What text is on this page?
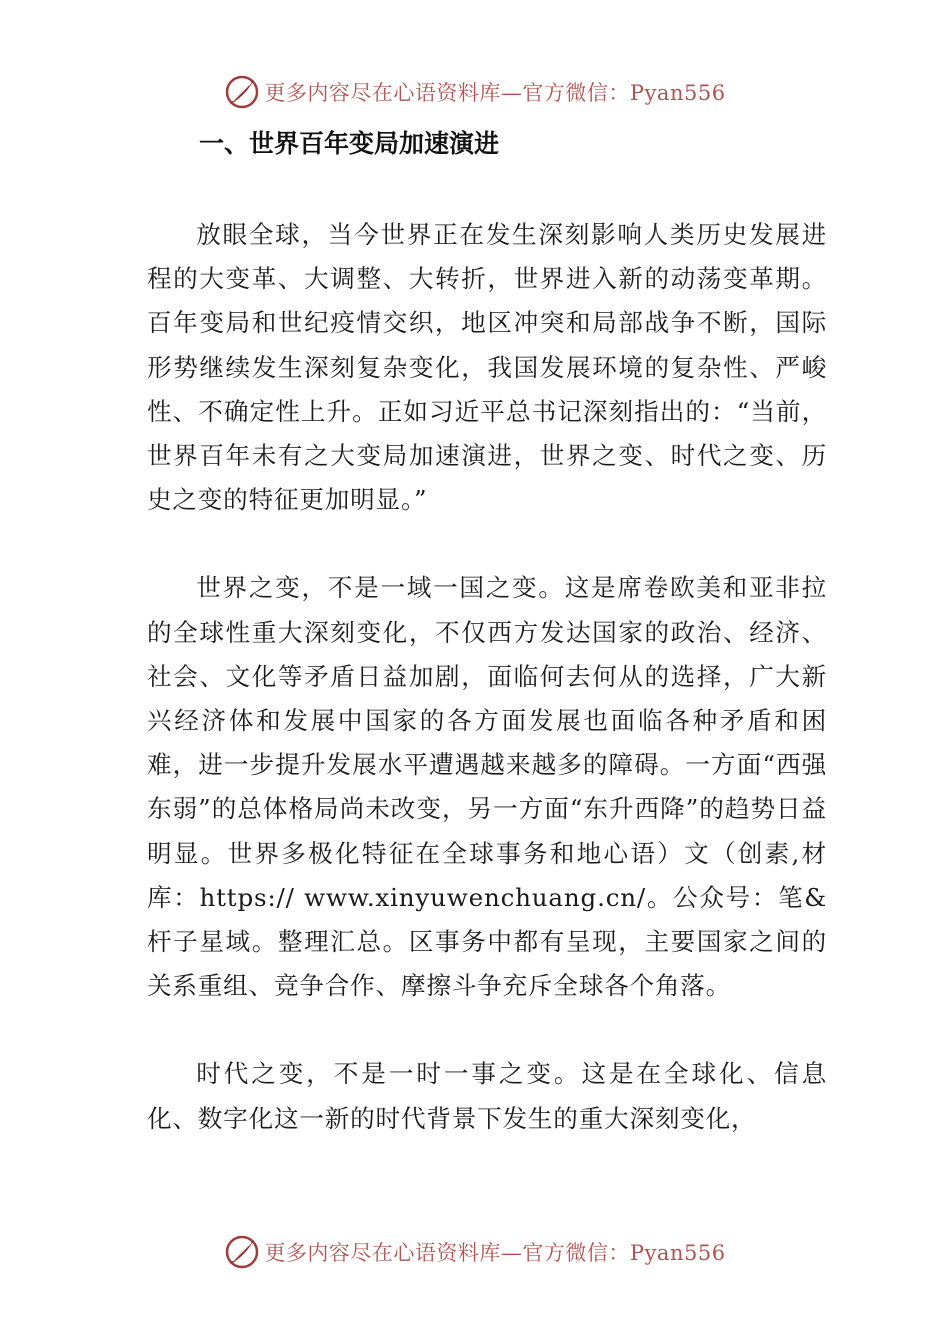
更多内容尽在心语资料库—官方微信：Pyan556
一、世界百年变局加速演进

放眼全球，当今世界正在发生深刻影响人类历史发展进程的大变革、大调整、大转折，世界进入新的动荡变革期。百年变局和世纪疫情交织，地区冲突和局部战争不断，国际形势继续发生深刻复杂变化，我国发展环境的复杂性、严峻性、不确定性上升。正如习近平总书记深刻指出的：“当前，世界百年未有之大变局加速演进，世界之变、时代之变、历史之变的特征更加明显。”

世界之变，不是一域一国之变。这是席卷欧美和亚非拉的全球性重大深刻变化，不仅西方发达国家的政治、经济、社会、文化等矛盾日益加剧，面临何去何从的选择，广大新兴经济体和发展中国家的各方面发展也面临各种矛盾和困难，进一步提升发展水平遭遇越来越多的障碍。一方面“西强东弱”的总体格局尚未改变，另一方面“东升西降”的趋势日益明显。世界多极化特征在全球事务和地心语）文（创素,材库：https:// www.xinyuwenchuang.cn/。公众号：笔&杆子星域。整理汇总。区事务中都有呈现，主要国家之间的关系重组、竞争合作、摩擦斗争充斥全球各个角落。

时代之变，不是一时一事之变。这是在全球化、信息化、数字化这一新的时代背景下发生的重大深刻变化，

更多内容尽在心语资料库—官方微信：Pyan556
